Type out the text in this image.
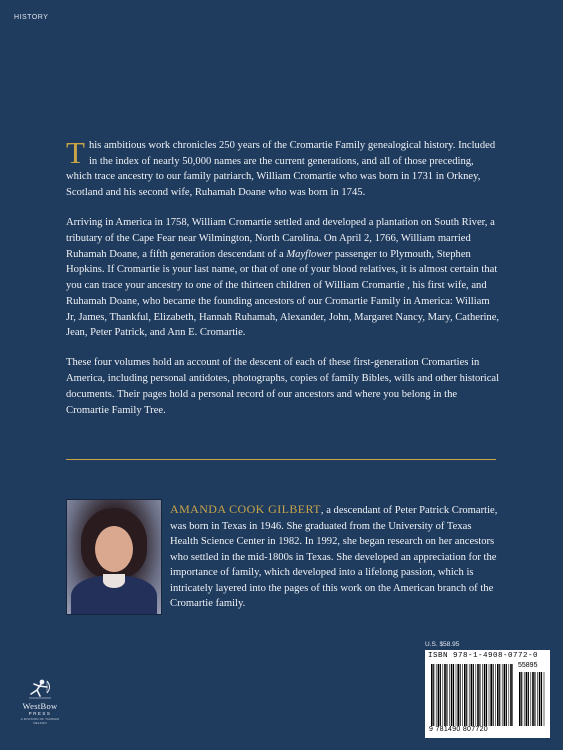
HISTORY

This ambitious work chronicles 250 years of the Cromartie Family genealogical history. Included in the index of nearly 50,000 names are the current generations, and all of those preceding, which trace ancestry to our family patriarch, William Cromartie who was born in 1731 in Orkney, Scotland and his second wife, Ruhamah Doane who was born in 1745.

Arriving in America in 1758, William Cromartie settled and developed a plantation on South River, a tributary of the Cape Fear near Wilmington, North Carolina. On April 2, 1766, William married Ruhamah Doane, a fifth generation descendant of a Mayflower passenger to Plymouth, Stephen Hopkins. If Cromartie is your last name, or that of one of your blood relatives, it is almost certain that you can trace your ancestry to one of the thirteen children of William Cromartie , his first wife, and Ruhamah Doane, who became the founding ancestors of our Cromartie Family in America: William Jr, James, Thankful, Elizabeth, Hannah Ruhamah, Alexander, John, Margaret Nancy, Mary, Catherine, Jean, Peter Patrick, and Ann E. Cromartie.

These four volumes hold an account of the descent of each of these first-generation Cromarties in America, including personal antidotes, photographs, copies of family Bibles, wills and other historical documents. Their pages hold a personal record of our ancestors and where you belong in the Cromartie Family Tree.

AMANDA COOK GILBERT, a descendant of Peter Patrick Cromartie, was born in Texas in 1946. She graduated from the University of Texas Health Science Center in 1982. In 1992, she began research on her ancestors who settled in the mid-1800s in Texas. She developed an appreciation for the importance of family, which developed into a lifelong passion, which is intricately layered into the pages of this work on the American branch of the Cromartie family.
U.S. $58.95
ISBN 978-1-4908-0772-0
55895
9 781490 807720
WestBow
PRESS
A DIVISION OF THOMAS NELSON
